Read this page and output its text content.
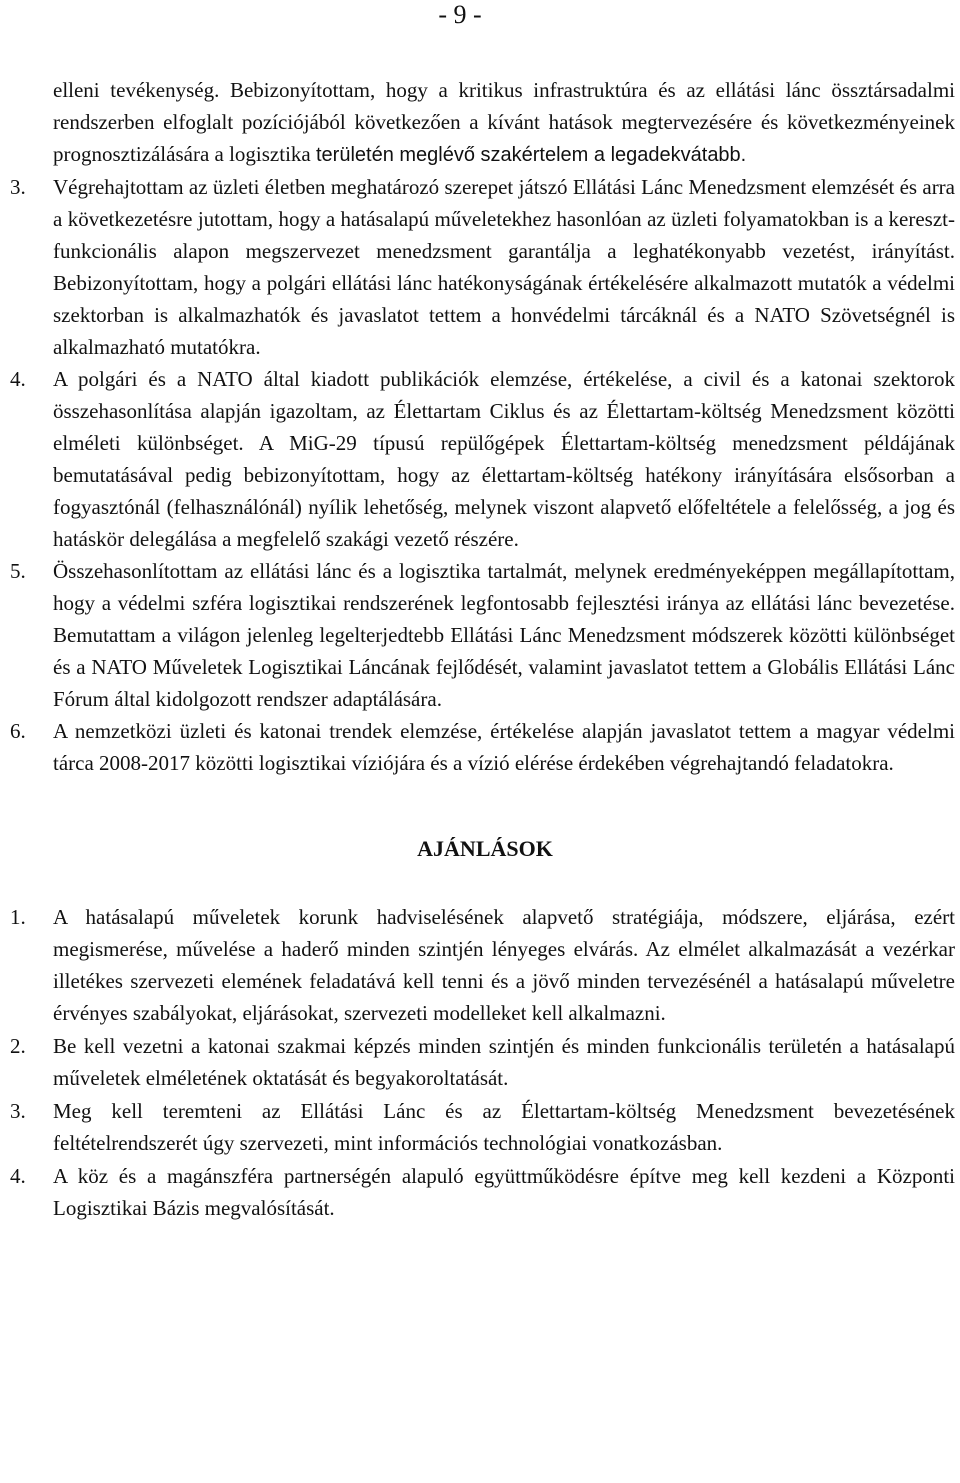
- 9 -

elleni tevékenység. Bebizonyítottam, hogy a kritikus infrastruktúra és az ellátási lánc össztársadalmi rendszerben elfoglalt pozíciójából következően a kívánt hatások megtervezésére és következményeinek prognosztizálására a logisztika területén meglévő szakértelem a legadekvátabb.

3. Végrehajtottam az üzleti életben meghatározó szerepet játszó Ellátási Lánc Menedzsment elemzését és arra a következetésre jutottam, hogy a hatásalapú műveletekhez hasonlóan az üzleti folyamatokban is a kereszt-funkcionális alapon megszervezet menedzsment garantálja a leghatékonyabb vezetést, irányítást. Bebizonyítottam, hogy a polgári ellátási lánc hatékonyságának értékelésére alkalmazott mutatók a védelmi szektorban is alkalmazhatók és javaslatot tettem a honvédelmi tárcáknál és a NATO Szövetségnél is alkalmazható mutatókra.
4. A polgári és a NATO által kiadott publikációk elemzése, értékelése, a civil és a katonai szektorok összehasonlítása alapján igazoltam, az Élettartam Ciklus és az Élettartam-költség Menedzsment közötti elméleti különbséget. A MiG-29 típusú repülőgépek Élettartam-költség menedzsment példájának bemutatásával pedig bebizonyítottam, hogy az élettartam-költség hatékony irányítására elsősorban a fogyasztónál (felhasználónál) nyílik lehetőség, melynek viszont alapvető előfeltétele a felelősség, a jog és hatáskör delegálása a megfelelő szakági vezető részére.
5. Összehasonlítottam az ellátási lánc és a logisztika tartalmát, melynek eredményeképpen megállapítottam, hogy a védelmi szféra logisztikai rendszerének legfontosabb fejlesztési iránya az ellátási lánc bevezetése. Bemutattam a világon jelenleg legelterjedtebb Ellátási Lánc Menedzsment módszerek közötti különbséget és a NATO Műveletek Logisztikai Láncának fejlődését, valamint javaslatot tettem a Globális Ellátási Lánc Fórum által kidolgozott rendszer adaptálására.
6. A nemzetközi üzleti és katonai trendek elemzése, értékelése alapján javaslatot tettem a magyar védelmi tárca 2008-2017 közötti logisztikai víziójára és a vízió elérése érdekében végrehajtandó feladatokra.
AJÁNLÁSOK
1. A hatásalapú műveletek korunk hadviselésének alapvető stratégiája, módszere, eljárása, ezért megismerése, művelése a haderő minden szintjén lényeges elvárás. Az elmélet alkalmazását a vezérkar illetékes szervezeti elemének feladatává kell tenni és a jövő minden tervezésénél a hatásalapú műveletre érvényes szabályokat, eljárásokat, szervezeti modelleket kell alkalmazni.
2. Be kell vezetni a katonai szakmai képzés minden szintjén és minden funkcionális területén a hatásalapú műveletek elméletének oktatását és begyakoroltatását.
3. Meg kell teremteni az Ellátási Lánc és az Élettartam-költség Menedzsment bevezetésének feltételrendszerét úgy szervezeti, mint információs technológiai vonatkozásban.
4. A köz és a magánszféra partnerségén alapuló együttműködésre építve meg kell kezdeni a Központi Logisztikai Bázis megvalósítását.
